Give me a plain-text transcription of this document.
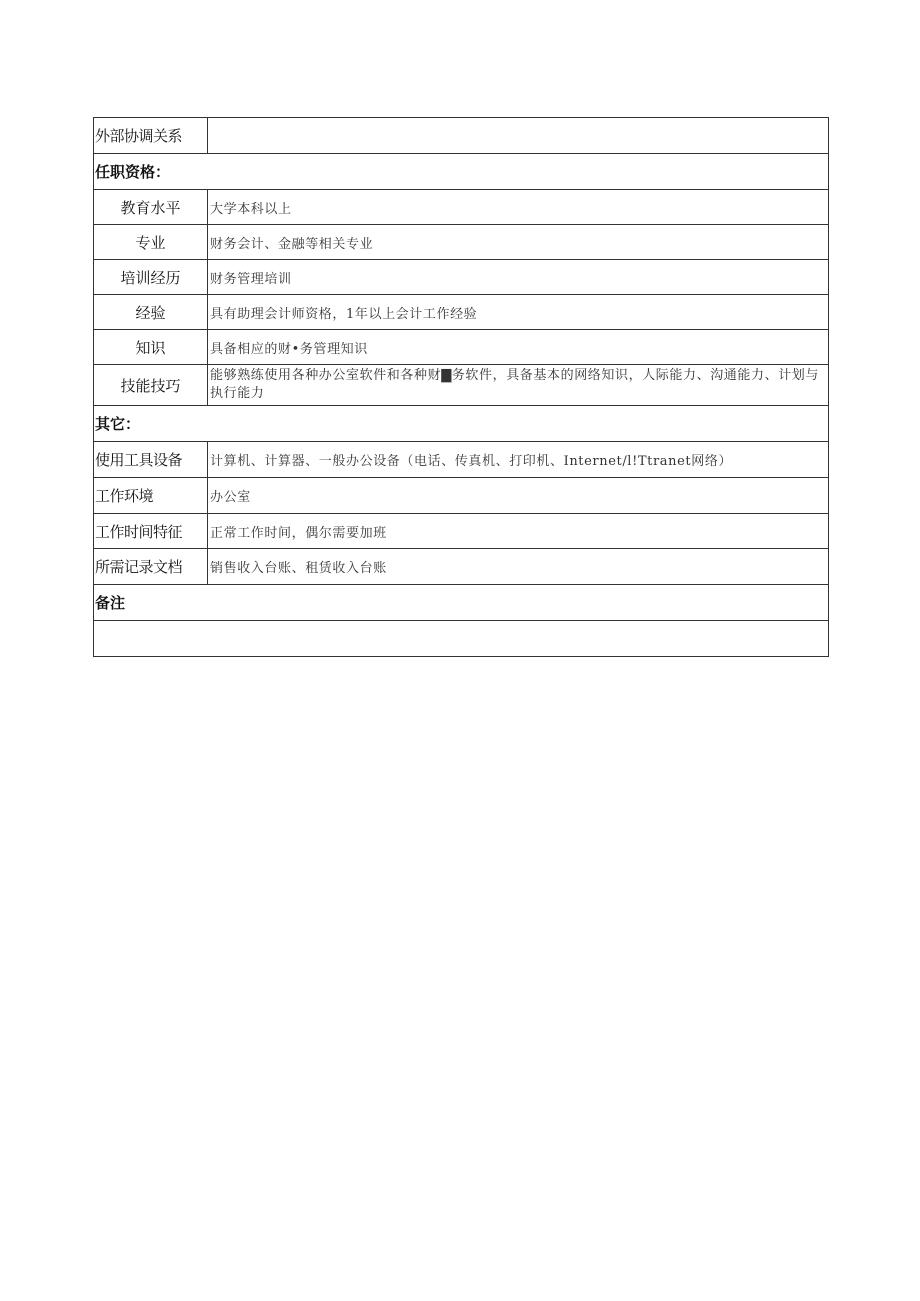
外部协调关系	
任职资格：	
教育水平	大学本科以上
专业	财务会计、金融等相关专业
培训经历	财务管理培训
经验	具有助理会计师资格，1年以上会计工作经验
知识	具备相应的财•务管理知识
技能技巧	能够熟练使用各种办公室软件和各种财▇务软件，具备基本的网络知识，人际能力、沟通能力、计划与执行能力
其它：	
使用工具设备	计算机、计算器、一般办公设备（电话、传真机、打印机、Internet/l!Ttranet网络）
工作环境	办公室
工作时间特征	正常工作时间，偶尔需要加班
所需记录文档	销售收入台账、租赁收入台账
备注	
